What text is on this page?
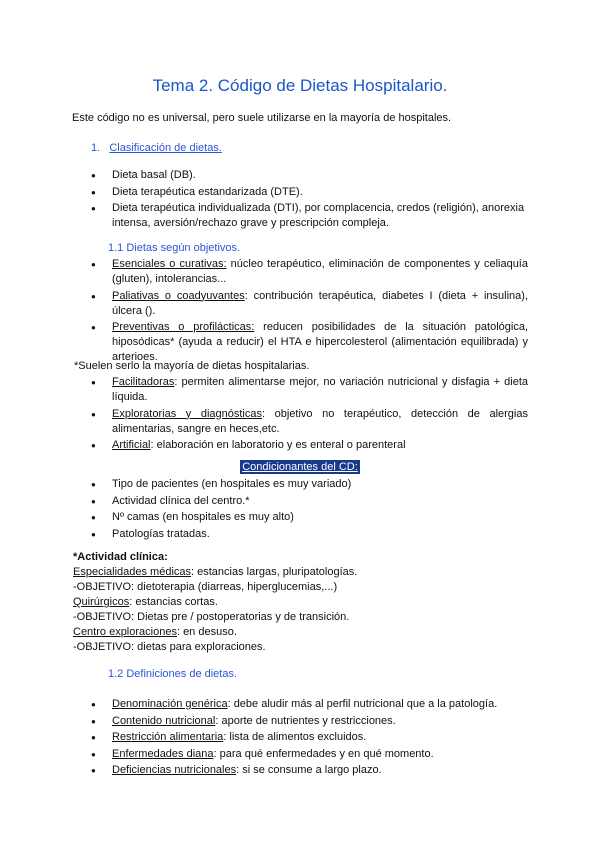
Tema 2. Código de Dietas Hospitalario.
Este código no es universal, pero suele utilizarse en la mayoría de hospitales.
1. Clasificación de dietas.
● Dieta basal (DB).
● Dieta terapéutica estandarizada (DTE).
● Dieta terapéutica individualizada (DTI), por complacencia, credos (religión), anorexia intensa, aversión/rechazo grave y prescripción compleja.
1.1 Dietas según objetivos.
● Esenciales o curativas: núcleo terapéutico, eliminación de componentes y celiaquía (gluten), intolerancias...
● Paliativas o coadyuvantes: contribución terapéutica, diabetes I (dieta + insulina), úlcera ().
● Preventivas o profilácticas: reducen posibilidades de la situación patológica, hiposódicas* (ayuda a reducir) el HTA e hipercolesterol (alimentación equilibrada) y arterioes.
*Suelen serlo la mayoría de dietas hospitalarias.
● Facilitadoras: permiten alimentarse mejor, no variación nutricional y disfagia + dieta líquida.
● Exploratorias y diagnósticas: objetivo no terapéutico, detección de alergias alimentarias, sangre en heces,etc.
● Artificial: elaboración en laboratorio y es enteral o parenteral
Condicionantes del CD:
● Tipo de pacientes (en hospitales es muy variado)
● Actividad clínica del centro.*
● Nº camas (en hospitales es muy alto)
● Patologías tratadas.
*Actividad clínica:
Especialidades médicas: estancias largas, pluripatologías.
-OBJETIVO: dietoterapia (diarreas, hiperglucemias,...)
Quirúrgicos: estancias cortas.
-OBJETIVO: Dietas pre / postoperatorias y de transición.
Centro exploraciones: en desuso.
-OBJETIVO: dietas para exploraciones.
1.2 Definiciones de dietas.
● Denominación genérica: debe aludir más al perfil nutricional que a la patología.
● Contenido nutricional: aporte de nutrientes y restricciones.
● Restricción alimentaria: lista de alimentos excluidos.
● Enfermedades diana: para qué enfermedades y en qué momento.
● Deficiencias nutricionales: si se consume a largo plazo.
